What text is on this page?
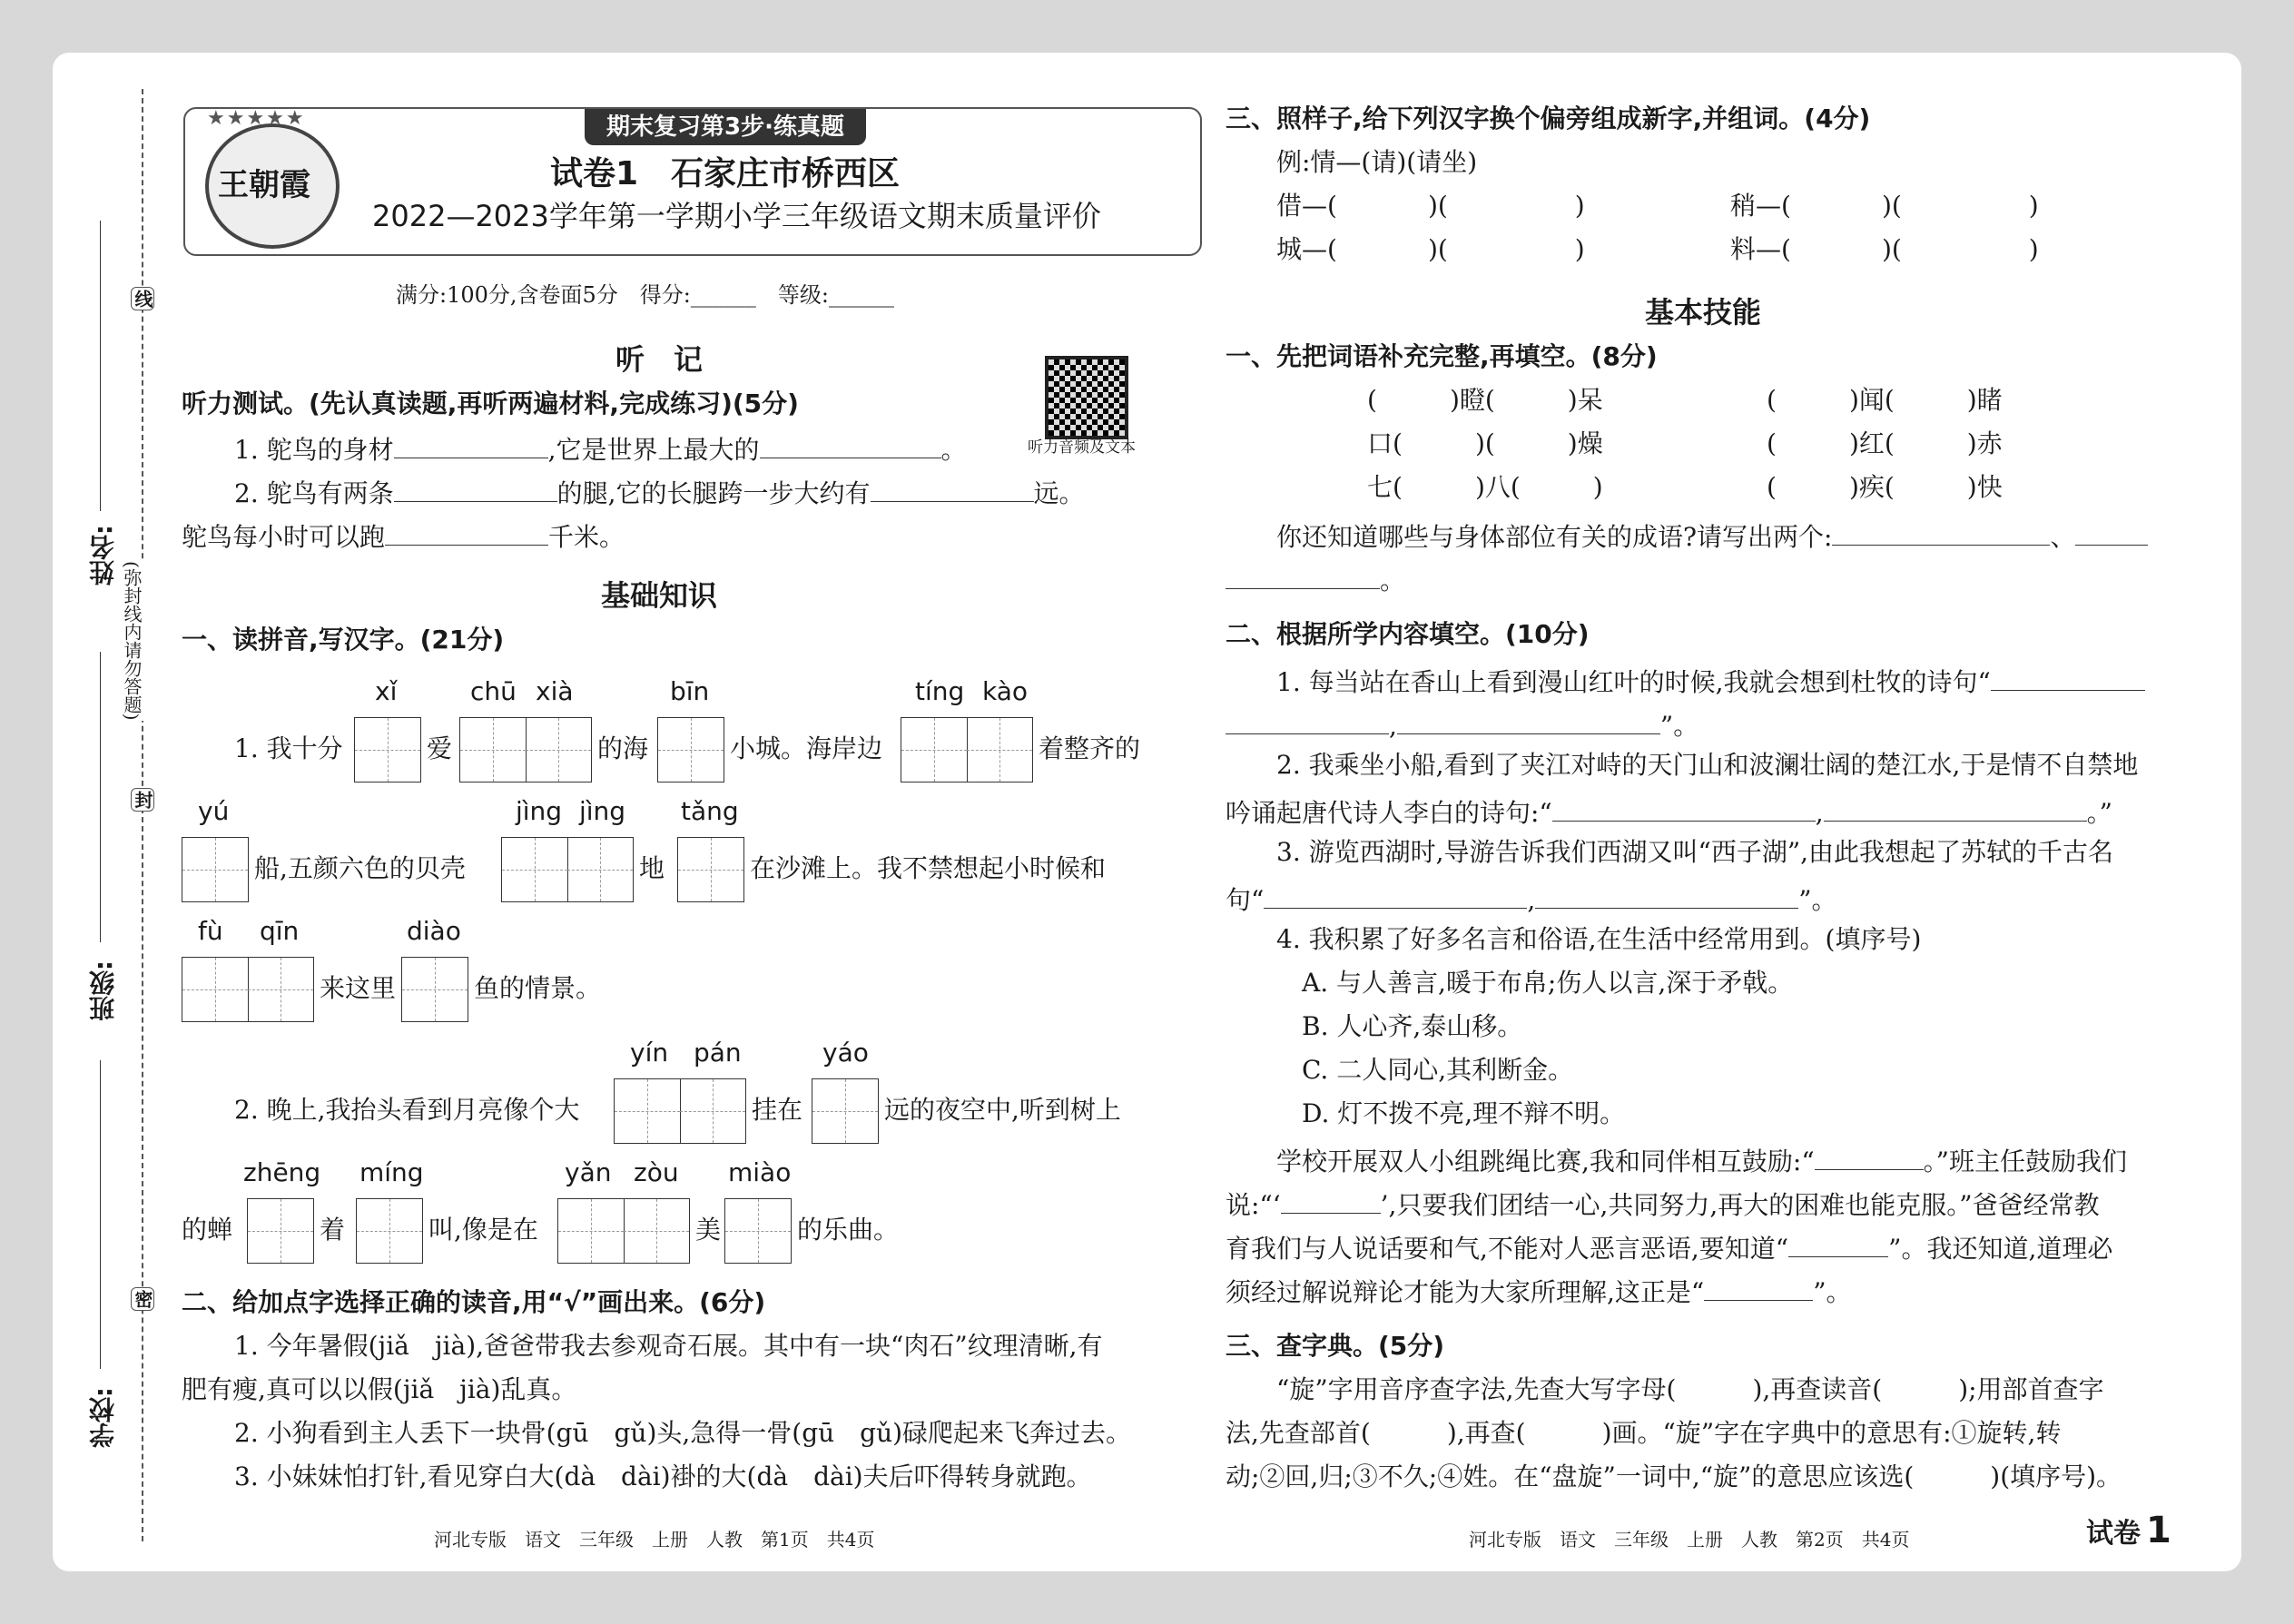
线
封
密
(弥封线内请勿答题)
姓名:
班级:
学校:
王朝霞
★★★★★	期末复习第3步·练真题
试卷1　石家庄市桥西区
2022—2023学年第一学期小学三年级语文期末质量评价
满分:100分,含卷面5分　得分:______　等级:______
听力音频及文本
听　记
听力测试。(先认真读题,再听两遍材料,完成练习)(5分)
1. 鸵鸟的身材	,它是世界上最大的	。
2. 鸵鸟有两条	的腿,它的长腿跨一步大约有	远。
鸵鸟每小时可以跑	千米。
基础知识
一、读拼音,写汉字。(21分)
xǐ	chū xià	bīn	tíng kào
1. 我十分	爱	的海	小城。海岸边	着整齐的
yú	jìng jìng tǎng
船,五颜六色的贝壳	地	在沙滩上。我不禁想起小时候和
fù qīn	diào
来这里	鱼的情景。
yín pán	yáo
2. 晚上,我抬头看到月亮像个大	挂在	远的夜空中,听到树上
zhēng míng	yǎn zòu miào
的蝉	着	叫,像是在	美	的乐曲。
二、给加点字选择正确的读音,用“√”画出来。(6分)
1. 今年暑假(jiǎ　jià),爸爸带我去参观奇石展。其中有一块“肉石”纹理清晰,有
肥有瘦,真可以以假(jiǎ　jià)乱真。
2. 小狗看到主人丢下一块骨(gū　gǔ)头,急得一骨(gū　gǔ)碌爬起来飞奔过去。
3. 小妹妹怕打针,看见穿白大(dà　dài)褂的大(dà　dài)夫后吓得转身就跑。
河北专版　语文　三年级　上册　人教　第1页　共4页
三、照样子,给下列汉字换个偏旁组成新字,并组词。(4分)
例:情—(请)(请坐)
借—(	)(	)	稍—(	)(	)
城—(	)(	)	料—(	)(	)
基本技能
一、先把词语补充完整,再填空。(8分)
(	)瞪(	)呆	(	)闻(	)睹
口(	)(	)燥	(	)红(	)赤
七(	)八(	)	(	)疾(	)快
你还知道哪些与身体部位有关的成语?请写出两个:	、
。
二、根据所学内容填空。(10分)
1. 每当站在香山上看到漫山红叶的时候,我就会想到杜牧的诗句“
,	”。
2. 我乘坐小船,看到了夹江对峙的天门山和波澜壮阔的楚江水,于是情不自禁地
吟诵起唐代诗人李白的诗句:“	,	。”
3. 游览西湖时,导游告诉我们西湖又叫“西子湖”,由此我想起了苏轼的千古名
句“	,	”。
4. 我积累了好多名言和俗语,在生活中经常用到。(填序号)
A. 与人善言,暖于布帛;伤人以言,深于矛戟。
B. 人心齐,泰山移。
C. 二人同心,其利断金。
D. 灯不拨不亮,理不辩不明。
学校开展双人小组跳绳比赛,我和同伴相互鼓励:“	。”班主任鼓励我们
说:“‘	’,只要我们团结一心,共同努力,再大的困难也能克服。”爸爸经常教
育我们与人说话要和气,不能对人恶言恶语,要知道“	”。我还知道,道理必
须经过解说辩论才能为大家所理解,这正是“	”。
三、查字典。(5分)
“旋”字用音序查字法,先查大写字母(　　　),再查读音(　　　);用部首查字
法,先查部首(　　　),再查(　　　)画。“旋”字在字典中的意思有:①旋转,转
动;②回,归;③不久;④姓。在“盘旋”一词中,“旋”的意思应该选(　　　)(填序号)。
河北专版　语文　三年级　上册　人教　第2页　共4页	试卷 1
